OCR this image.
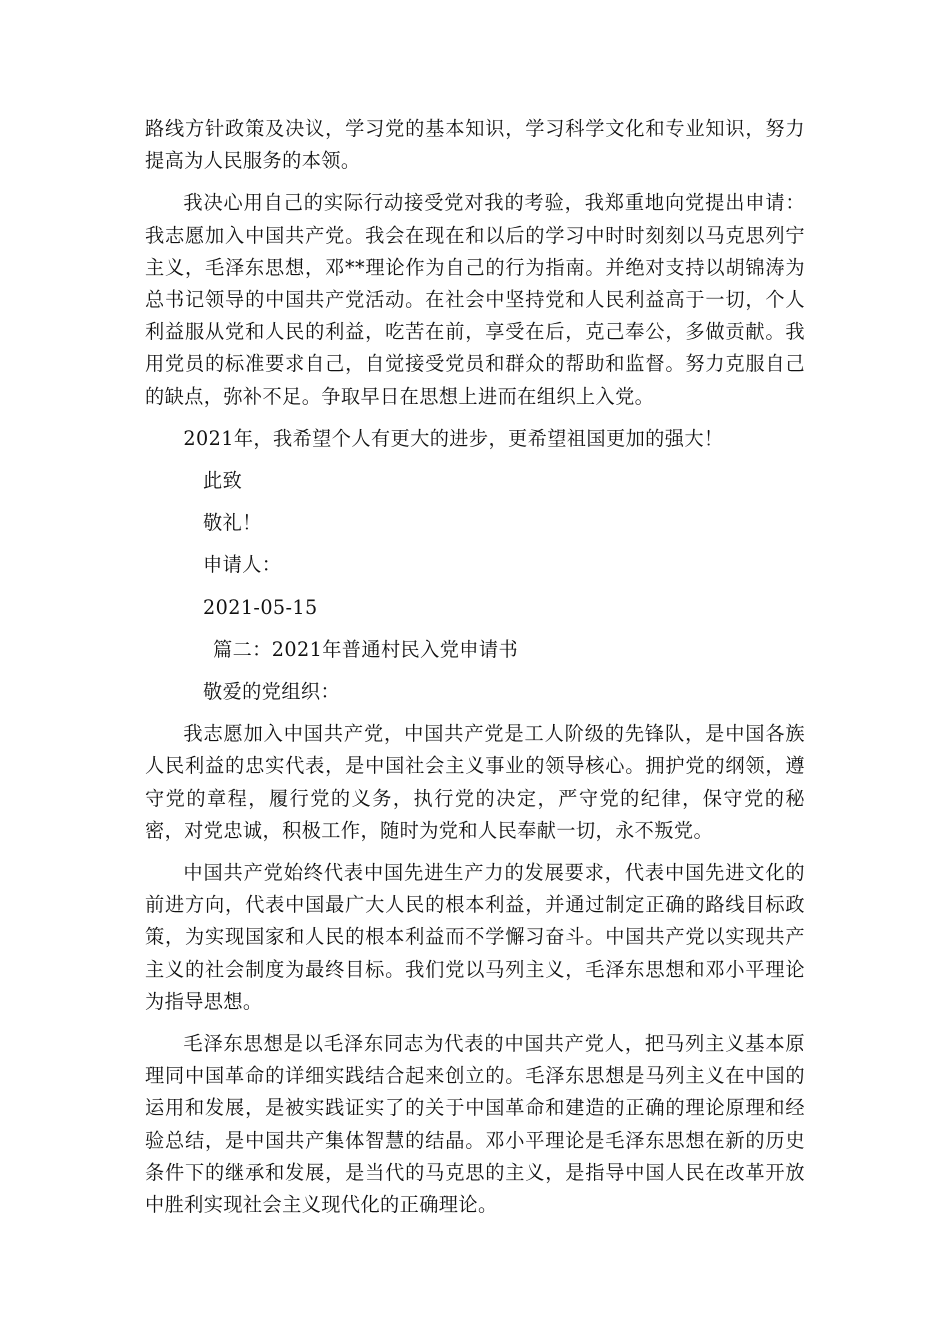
路线方针政策及决议，学习党的基本知识，学习科学文化和专业知识，努力提高为人民服务的本领。

我决心用自己的实际行动接受党对我的考验，我郑重地向党提出申请：我志愿加入中国共产党。我会在现在和以后的学习中时时刻刻以马克思列宁主义，毛泽东思想，邓**理论作为自己的行为指南。并绝对支持以胡锦涛为总书记领导的中国共产党活动。在社会中坚持党和人民利益高于一切，个人利益服从党和人民的利益，吃苦在前，享受在后，克己奉公，多做贡献。我用党员的标准要求自己，自觉接受党员和群众的帮助和监督。努力克服自己的缺点，弥补不足。争取早日在思想上进而在组织上入党。

2021年，我希望个人有更大的进步，更希望祖国更加的强大！

此致
敬礼！
申请人：
2021-05-15
篇二：2021年普通村民入党申请书
敬爱的党组织：

我志愿加入中国共产党，中国共产党是工人阶级的先锋队，是中国各族人民利益的忠实代表，是中国社会主义事业的领导核心。拥护党的纲领，遵守党的章程，履行党的义务，执行党的决定，严守党的纪律，保守党的秘密，对党忠诚，积极工作，随时为党和人民奉献一切，永不叛党。

中国共产党始终代表中国先进生产力的发展要求，代表中国先进文化的前进方向，代表中国最广大人民的根本利益，并通过制定正确的路线目标政策，为实现国家和人民的根本利益而不学懈习奋斗。中国共产党以实现共产主义的社会制度为最终目标。我们党以马列主义，毛泽东思想和邓小平理论为指导思想。

毛泽东思想是以毛泽东同志为代表的中国共产党人，把马列主义基本原理同中国革命的详细实践结合起来创立的。毛泽东思想是马列主义在中国的运用和发展，是被实践证实了的关于中国革命和建造的正确的理论原理和经验总结，是中国共产集体智慧的结晶。邓小平理论是毛泽东思想在新的历史条件下的继承和发展，是当代的马克思的主义，是指导中国人民在改革开放中胜利实现社会主义现代化的正确理论。
